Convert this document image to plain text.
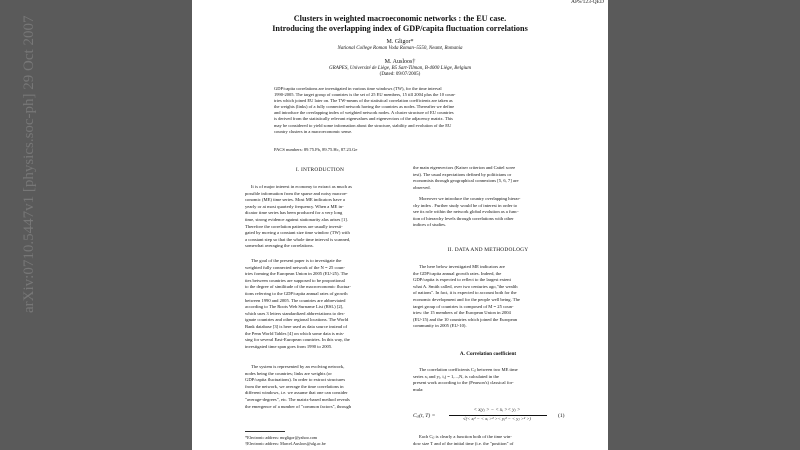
arXiv:0710.5447v1 [physics.soc-ph] 29 Oct 2007
APS/123-QED
Clusters in weighted macroeconomic networks : the EU case.
Introducing the overlapping index of GDP/capita fluctuation correlations
M. Gligor*
National College Roman Voda Roman–5550, Neamt, Romania
M. Ausloos†
GRAPES, Université de Liège, B5 Sart-Tilman, B-4000 Liège, Belgium
(Dated: 09/07/2005)
GDP/capita correlations are investigated in various time windows (TW), for the time interval
1990-2005. The target group of countries is the set of 25 EU members, 15 till 2004 plus the 10 coun-
tries which joined EU later on. The TW-means of the statistical correlation coefficients are taken as
the weights (links) of a fully connected network having the countries as nodes. Thereafter we define
and introduce the overlapping index of weighted network nodes. A cluster structure of EU countries
is derived from the statistically relevant eigenvalues and eigenvectors of the adjacency matrix. This
may be considered to yield some information about the structure, stability and evolution of the EU
country clusters in a macroeconomic sense.
PACS numbers: 89.75.Fb, 89.75.Hc, 87.23.Ge
I. INTRODUCTION
It is of major interest in economy to extract as much as
possible information from the sparse and noisy macroe-
conomic (ME) time series. Most ME indicators have a
yearly or at most quarterly frequency. When a ME in-
dicator time series has been produced for a very long
time, strong evidence against stationarity alas arises [1].
Therefore the correlation patterns are usually investi-
gated by moving a constant size time window (TW) with
a constant step so that the whole time interval is scanned,
somewhat averaging the correlations.
The goal of the present paper is to investigate the
weighted fully connected network of the N = 25 coun-
tries forming the European Union in 2005 (EU-25). The
ties between countries are supposed to be proportional
to the degree of similitude of the macroeconomic fluctua-
tions referring to the GDP/capita annual rates of growth
between 1990 and 2005. The countries are abbreviated
according to The Roots Web Surname List (RSL) [2],
which uses 3 letters standardized abbreviations to des-
ignate countries and other regional locations. The World
Bank database [3] is here used as data source instead of
the Penn World Tables [4] on which some data is mis-
sing for several East-European countries. In this way, the
investigated time span goes from 1990 to 2005.
The system is represented by an evolving network,
nodes being the countries; links are weights (or
GDP/capita fluctuations). In order to extract structures
from the network, we average the time correlations in
different windows, i.e. we assume that one can consider
"average-degrees", etc. The matrix-based method reveals
the emergence of a number of "common factors", through
*Electronic address: mrgligor@yahoo.com
†Electronic address: Marcel.Ausloos@ulg.ac.be
the main eigenvectors (Kaiser criterion and Cattel scree
test). The usual expectations defined by politicians or
economists through geographical connexions [5, 6, 7] are
observed.
Moreover we introduce the country overlapping hierar-
chy index . Further study would be of interest in order to
see its role within the network global evolution as a func-
tion of hierarchy levels through correlations with other
indices of studies.
II. DATA AND METHODOLOGY
The here below investigated ME indicators are
the GDP/capita annual growth rates. Indeed, the
GDP/capita is expected to reflect to the largest extent
what A. Smith called, over two centuries ago,"the wealth
of nations". In fact, it is expected to account both for the
economic development and for the people well being. The
target group of countries is composed of M = 25 coun-
tries: the 15 members of the European Union in 2004
(EU-15) and the 10 countries which joined the European
community in 2005 (EU-10).
A. Correlation coefficient
The correlation coefficients Cᵢⱼ between two ME time
series xᵢ and yⱼ, i,j = 1,...,N, is calculated in the
present work according to the (Pearson's) classical for-
mula:
Cᵢⱼ(t, T) =
< xᵢyⱼ > − < xᵢ >< yⱼ >
√(< xᵢ² − < xᵢ >² >< yⱼ² − < yⱼ >² >)	(1)
Each Cᵢⱼ is clearly a function both of the time win-
dow size T and of the initial time (i.e. the "position" of
